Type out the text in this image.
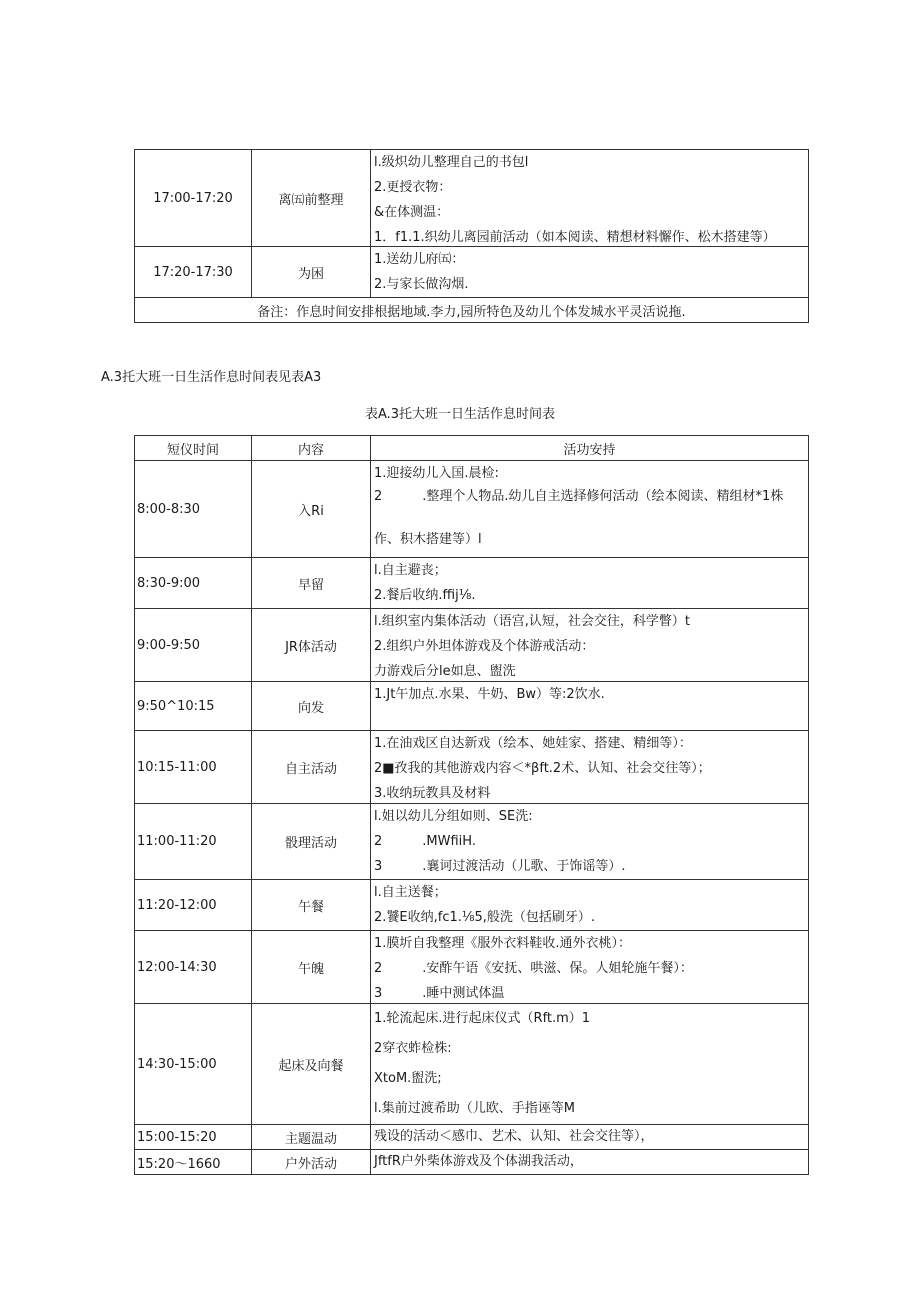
17:00-17:20	离㈤前整理	l.级炽幼儿整理自己的书包l
2.更授衣物：
&在体测温：
1．f1.1.织幼儿离园前活动（如本阅读、精想材料懈作、松木搭建等）

17:20-17:30	为困	1.送幼儿府㈤：
2.与家长做沟烟.

备注：作息时间安排根据地域.李力,园所特色及幼儿个体发城水平灵活说拖.		
A.3托大班一日生活作息时间表见表A3
表A.3托大班一日生活作息时间表
短仪时间	内容	活功安持
8:00-8:30	入Ri	1.迎接幼儿入国.晨检:
2 .整理个人物品.幼儿自主选择修何活动（绘本阅读、精组材*1株
作、积木搭建等）l

8:30-9:00	早留	l.自主避丧；
2.餐后收纳.ffij⅛.

9:00-9:50	JR体活动	l.组织室内集体活动（语宫,认短，社会交往，科学瞥）t
2.组织户外坦体游戏及个体游戒活动：
力游戏后分le如息、盥洗

9:50^10:15	向发	1.Jt午加点.水果、牛奶、Bw）等:2饮水.

10:15-11:00	自主活动	1.在油戏区自达新戏（绘本、她娃家、搭建、精细等）：
2■孜我的其他游戏内容＜*βft.2术、认知、社会交往等）；
3.收纳玩教具及材料

11:00-11:20	骰理活动	l.姐以幼儿分组如则、SE洗:
2 .MWfiiH.
3 .襄诃过渡活动（儿歌、于饰谣等）.

11:20-12:00	午餐	l.自主送餐；
2.饕E收纳,fc1.⅛5,般洗（包括刷牙）.

12:00-14:30	午魄	1.膜圻自我整理《服外衣料鞋收.通外衣桃）：
2 .安酢午语《安抚、哄滋、保。人姐轮施午餐）：
3 .睡中测试体温

14:30-15:00	起床及向餐	1.轮流起床.进行起床仪式（Rft.m）1
2穿衣蚱检株:
XtoM.盥洗;
l.集前过渡希助（儿欧、手指诬等M

15:00-15:20	主题温动	残设的活动＜感巾、艺术、认知、社会交往等），

15:20〜1660	户外活动	JftfR户外柴体游戏及个体湖我活动，
